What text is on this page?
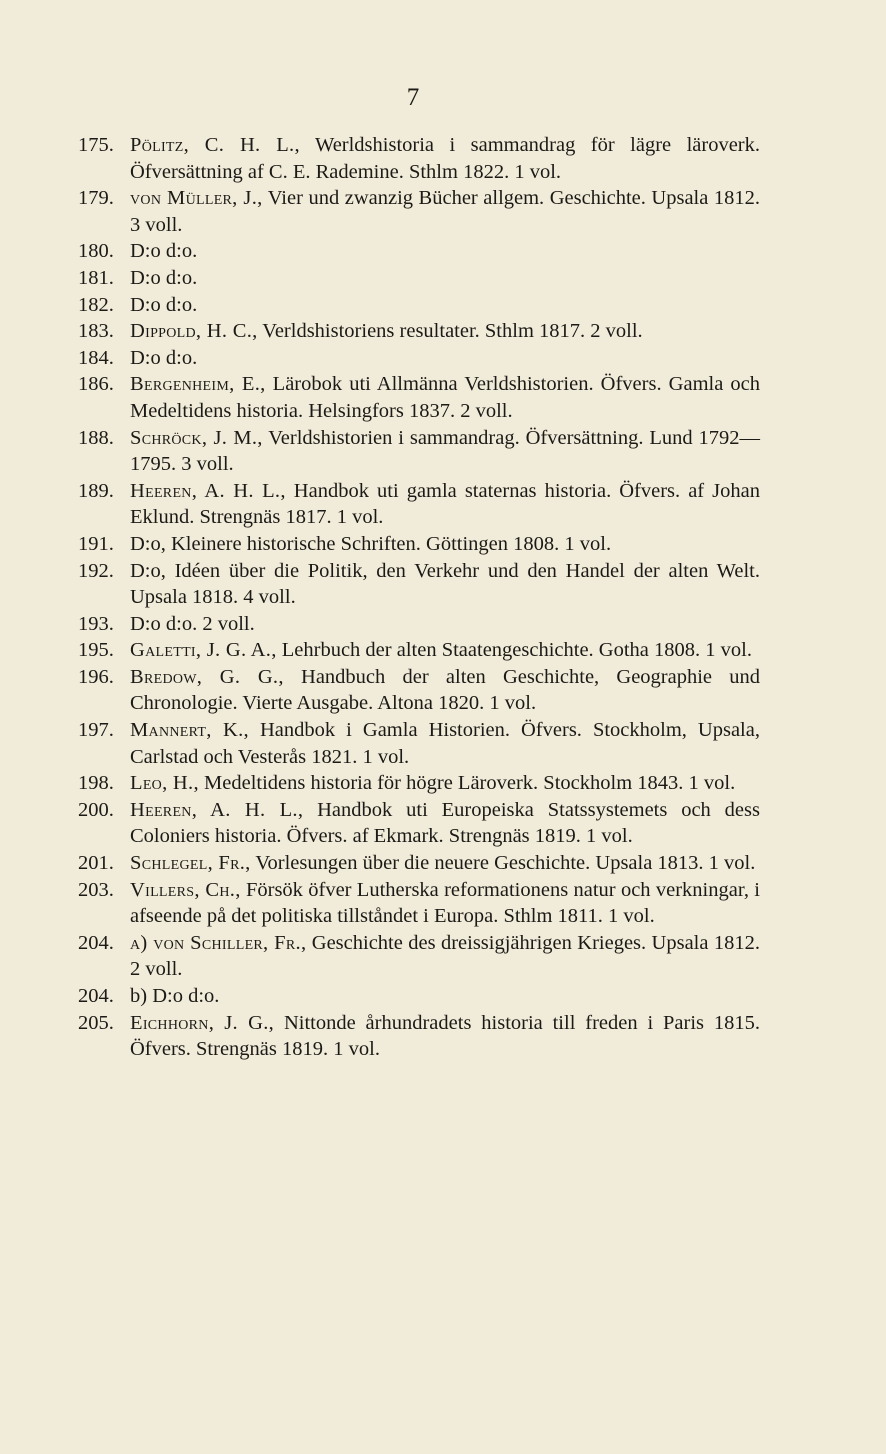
7
175. Pölitz, C. H. L., Werldshistoria i sammandrag för lägre läroverk. Öfversättning af C. E. Rademine. Sthlm 1822. 1 vol.
179. von Müller, J., Vier und zwanzig Bücher allgem. Geschichte. Upsala 1812. 3 voll.
180. D:o d:o.
181. D:o d:o.
182. D:o d:o.
183. Dippold, H. C., Verldshistoriens resultater. Sthlm 1817. 2 voll.
184. D:o d:o.
186. Bergenheim, E., Lärobok uti Allmänna Verldshistorien. Öfvers. Gamla och Medeltidens historia. Helsingfors 1837. 2 voll.
188. Schröck, J. M., Verldshistorien i sammandrag. Öfversättning. Lund 1792—1795. 3 voll.
189. Heeren, A. H. L., Handbok uti gamla staternas historia. Öfvers. af Johan Eklund. Strengnäs 1817. 1 vol.
191. D:o, Kleinere historische Schriften. Göttingen 1808. 1 vol.
192. D:o, Idéen über die Politik, den Verkehr und den Handel der alten Welt. Upsala 1818. 4 voll.
193. D:o d:o. 2 voll.
195. Galetti, J. G. A., Lehrbuch der alten Staatengeschichte. Gotha 1808. 1 vol.
196. Bredow, G. G., Handbuch der alten Geschichte, Geographie und Chronologie. Vierte Ausgabe. Altona 1820. 1 vol.
197. Mannert, K., Handbok i Gamla Historien. Öfvers. Stockholm, Upsala, Carlstad och Vesterås 1821. 1 vol.
198. Leo, H., Medeltidens historia för högre Läroverk. Stockholm 1843. 1 vol.
200. Heeren, A. H. L., Handbok uti Europeiska Statssystemets och dess Coloniers historia. Öfvers. af Ekmark. Strengnäs 1819. 1 vol.
201. Schlegel, Fr., Vorlesungen über die neuere Geschichte. Upsala 1813. 1 vol.
203. Villers, Ch., Försök öfver Lutherska reformationens natur och verkningar, i afseende på det politiska tillståndet i Europa. Sthlm 1811. 1 vol.
204. a) von Schiller, Fr., Geschichte des dreissigjährigen Krieges. Upsala 1812. 2 voll.
204. b) D:o d:o.
205. Eichhorn, J. G., Nittonde århundradets historia till freden i Paris 1815. Öfvers. Strengnäs 1819. 1 vol.
